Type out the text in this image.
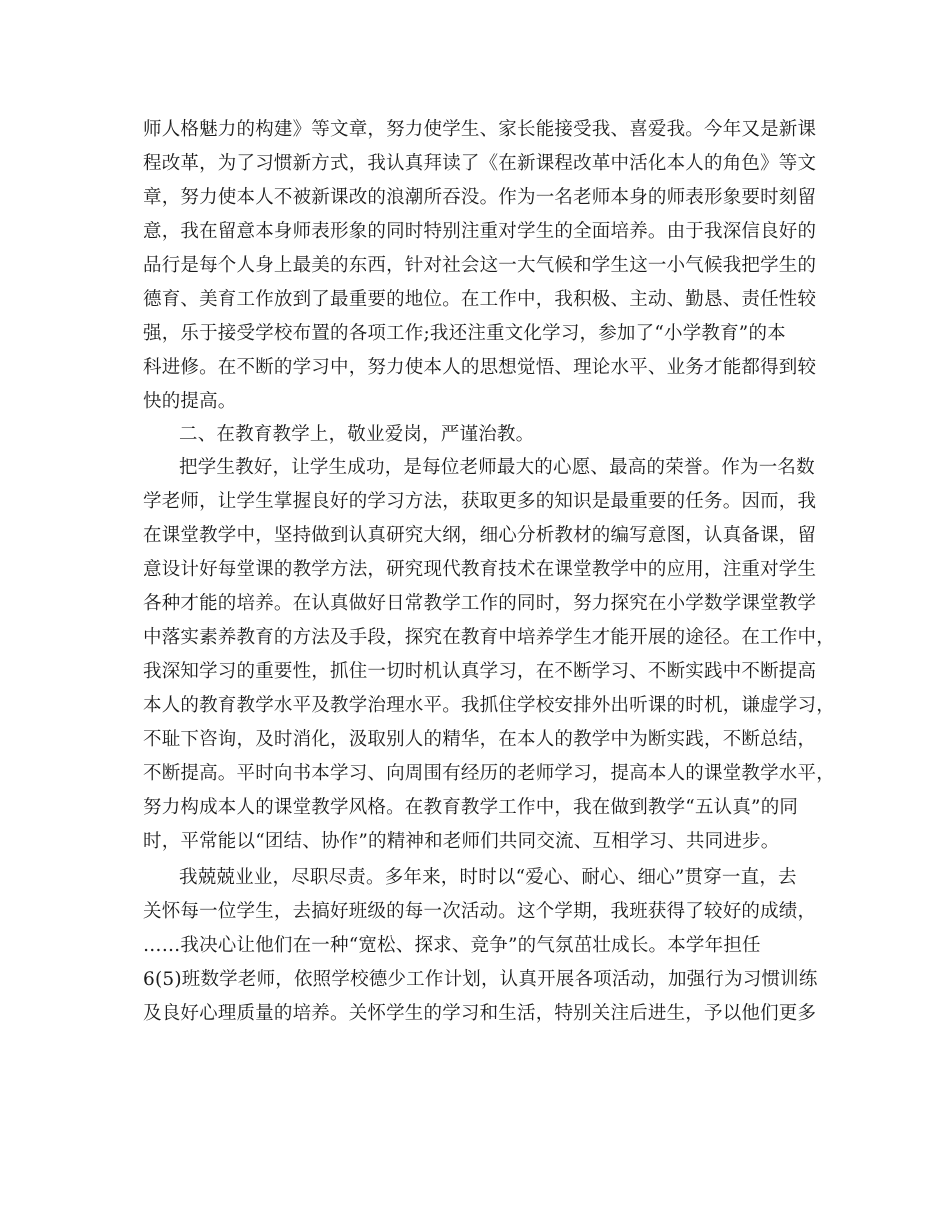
师人格魅力的构建》等文章，努力使学生、家长能接受我、喜爱我。今年又是新课
程改革，为了习惯新方式，我认真拜读了《在新课程改革中活化本人的角色》等文
章，努力使本人不被新课改的浪潮所吞没。作为一名老师本身的师表形象要时刻留
意，我在留意本身师表形象的同时特别注重对学生的全面培养。由于我深信良好的
品行是每个人身上最美的东西，针对社会这一大气候和学生这一小气候我把学生的
德育、美育工作放到了最重要的地位。在工作中，我积极、主动、勤恳、责任性较
强，乐于接受学校布置的各项工作;我还注重文化学习，参加了“小学教育”的本
科进修。在不断的学习中，努力使本人的思想觉悟、理论水平、业务才能都得到较
快的提高。
二、在教育教学上，敬业爱岗，严谨治教。
把学生教好，让学生成功，是每位老师最大的心愿、最高的荣誉。作为一名数
学老师，让学生掌握良好的学习方法，获取更多的知识是最重要的任务。因而，我
在课堂教学中，坚持做到认真研究大纲，细心分析教材的编写意图，认真备课，留
意设计好每堂课的教学方法，研究现代教育技术在课堂教学中的应用，注重对学生
各种才能的培养。在认真做好日常教学工作的同时，努力探究在小学数学课堂教学
中落实素养教育的方法及手段，探究在教育中培养学生才能开展的途径。在工作中，
我深知学习的重要性，抓住一切时机认真学习，在不断学习、不断实践中不断提高
本人的教育教学水平及教学治理水平。我抓住学校安排外出听课的时机，谦虚学习，
不耻下咨询，及时消化，汲取别人的精华，在本人的教学中为断实践，不断总结，
不断提高。平时向书本学习、向周围有经历的老师学习，提高本人的课堂教学水平，
努力构成本人的课堂教学风格。在教育教学工作中，我在做到教学“五认真”的同
时，平常能以“团结、协作”的精神和老师们共同交流、互相学习、共同进步。
我兢兢业业，尽职尽责。多年来，时时以“爱心、耐心、细心”贯穿一直，去
关怀每一位学生，去搞好班级的每一次活动。这个学期，我班获得了较好的成绩，
……我决心让他们在一种“宽松、探求、竞争”的气氛茁壮成长。本学年担任
6(5)班数学老师，依照学校德少工作计划，认真开展各项活动，加强行为习惯训练
及良好心理质量的培养。关怀学生的学习和生活，特别关注后进生，予以他们更多
